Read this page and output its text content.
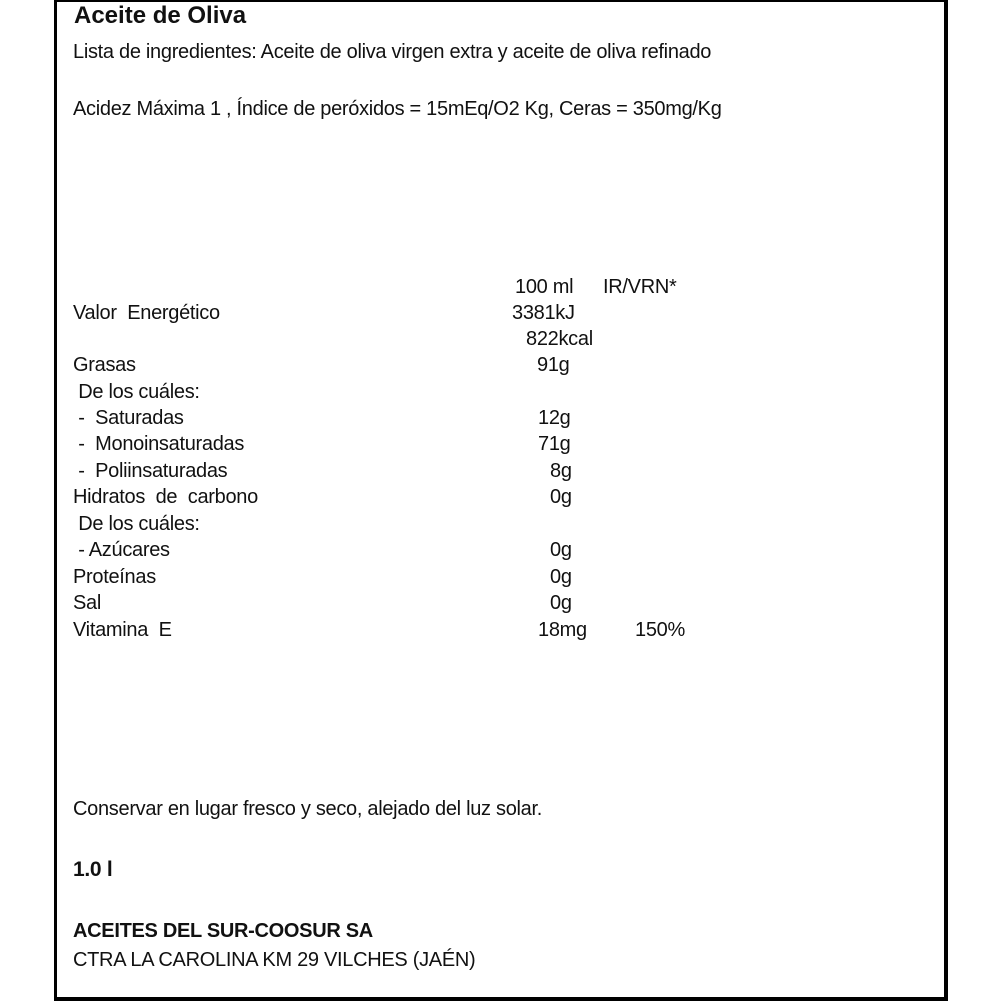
Aceite de Oliva
Lista de ingredientes: Aceite de oliva virgen extra y aceite de oliva refinado
Acidez Máxima 1 , Índice de peróxidos = 15mEq/O2 Kg, Ceras = 350mg/Kg
100 ml IR/VRN*
Valor  Energético	3381kJ
822kcal
Grasas	91g
De los cuáles:
-  Saturadas	12g
-  Monoinsaturadas	71g
-  Poliinsaturadas	8g
Hidratos  de  carbono	0g
De los cuáles:
- Azúcares	0g
Proteínas	0g
Sal	0g
Vitamina  E	18mg 150%
Conservar en lugar fresco y seco, alejado del luz solar.
1.0 l
ACEITES DEL SUR-COOSUR SA
CTRA LA CAROLINA KM 29 VILCHES (JAÉN)
